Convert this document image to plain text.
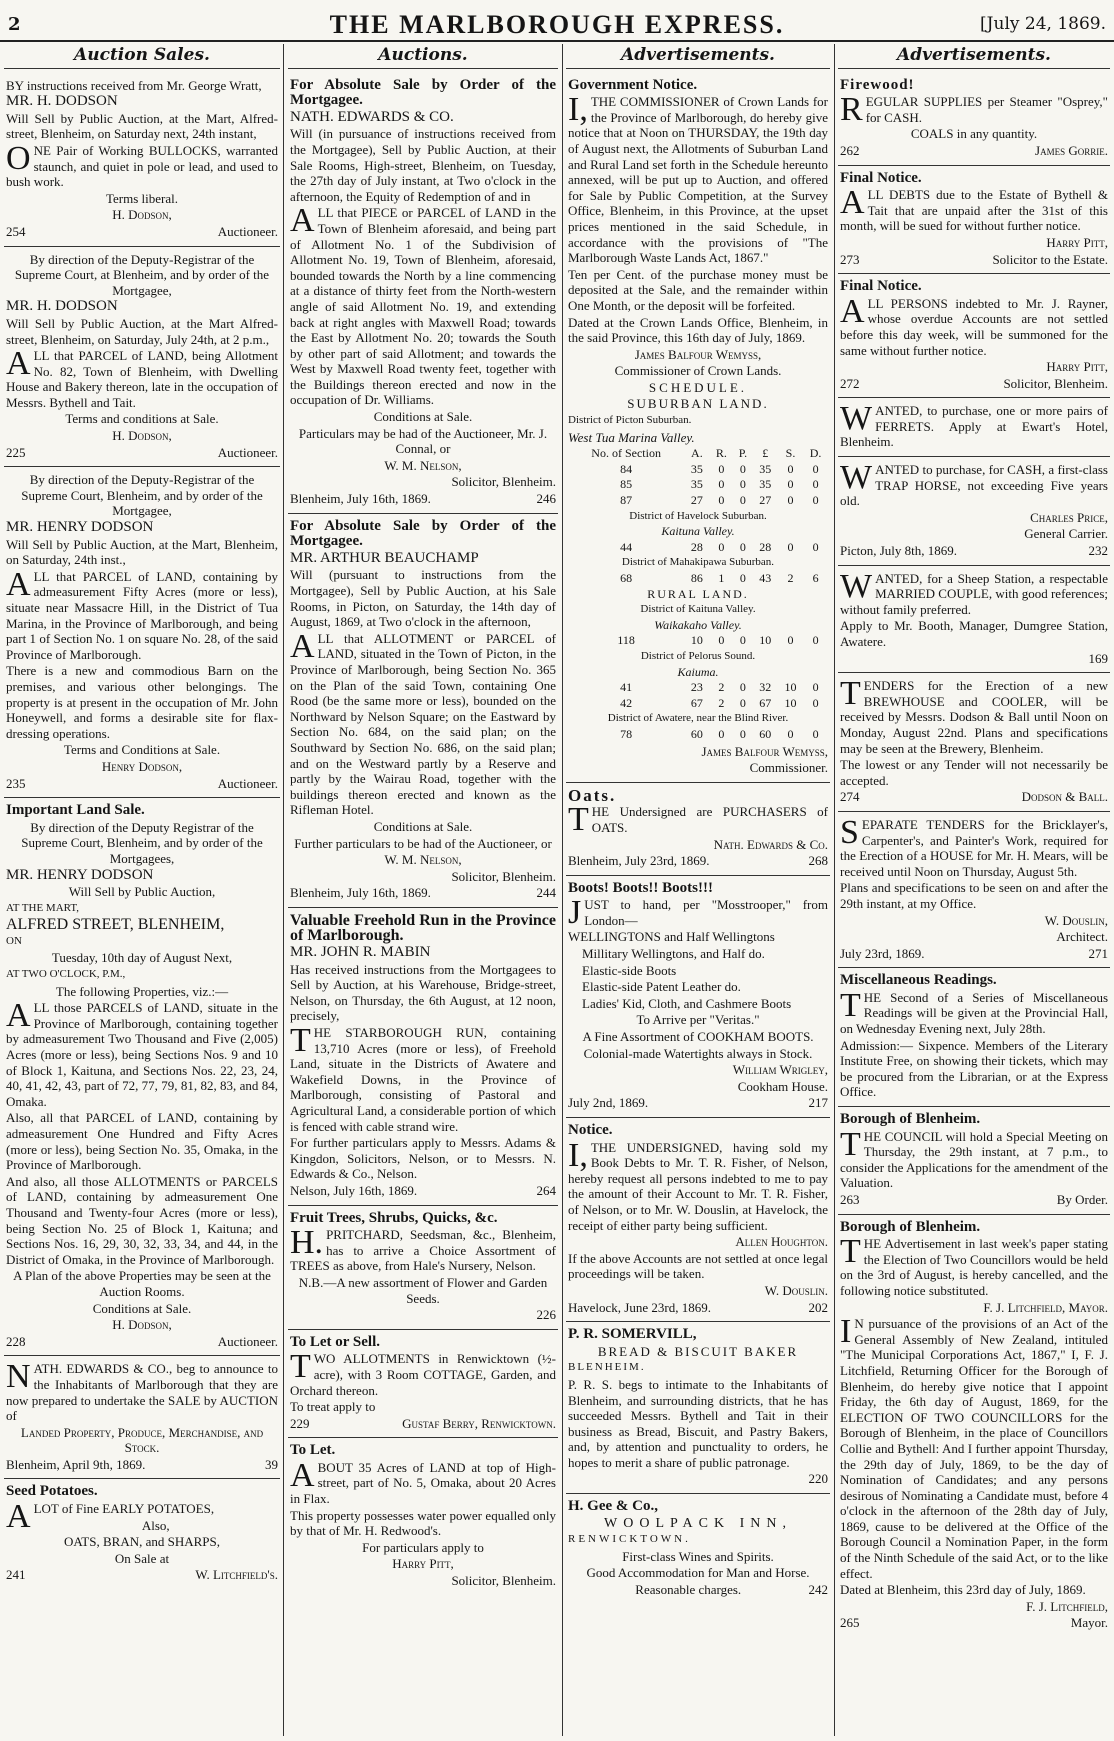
2	THE MARLBOROUGH EXPRESS.	[July 24, 1869.
Auction Sales.

BY instructions received from Mr. George Wratt,

MR. H. DODSON

Will Sell by Public Auction, at the Mart, Alfred-street, Blenheim, on Saturday next, 24th instant,

ONE Pair of Working BULLOCKS, warranted staunch, and quiet in pole or lead, and used to bush work.

Terms liberal.

H. Dodson,

254	Auctioneer.

By direction of the Deputy-Registrar of the Supreme Court, at Blenheim, and by order of the Mortgagee,

MR. H. DODSON

Will Sell by Public Auction, at the Mart Alfred-street, Blenheim, on Saturday, July 24th, at 2 p.m.,

ALL that PARCEL of LAND, being Allotment No. 82, Town of Blenheim, with Dwelling House and Bakery thereon, late in the occupation of Messrs. Bythell and Tait.

Terms and conditions at Sale.

H. Dodson,

225	Auctioneer.

By direction of the Deputy-Registrar of the Supreme Court, Blenheim, and by order of the Mortgagee,

MR. HENRY DODSON

Will Sell by Public Auction, at the Mart, Blenheim, on Saturday, 24th inst.,

ALL that PARCEL of LAND, containing by admeasurement Fifty Acres (more or less), situate near Massacre Hill, in the District of Tua Marina, in the Province of Marlborough, and being part 1 of Section No. 1 on square No. 28, of the said Province of Marlborough.

There is a new and commodious Barn on the premises, and various other belongings. The property is at present in the occupation of Mr. John Honeywell, and forms a desirable site for flax-dressing operations.

Terms and Conditions at Sale.

Henry Dodson,

235	Auctioneer.

Important Land Sale.

By direction of the Deputy Registrar of the Supreme Court, Blenheim, and by order of the Mortgagees,

MR. HENRY DODSON

Will Sell by Public Auction,

AT THE MART,

ALFRED STREET, BLENHEIM,

ON

Tuesday, 10th day of August Next,

AT TWO O'CLOCK, P.M.,

The following Properties, viz.:—

ALL those PARCELS of LAND, situate in the Province of Marlborough, containing together by admeasurement Two Thousand and Five (2,005) Acres (more or less), being Sections Nos. 9 and 10 of Block 1, Kaituna, and Sections Nos. 22, 23, 24, 40, 41, 42, 43, part of 72, 77, 79, 81, 82, 83, and 84, Omaka.

Also, all that PARCEL of LAND, containing by admeasurement One Hundred and Fifty Acres (more or less), being Section No. 35, Omaka, in the Province of Marlborough.

And also, all those ALLOTMENTS or PARCELS of LAND, containing by admeasurement One Thousand and Twenty-four Acres (more or less), being Section No. 25 of Block 1, Kaituna; and Sections Nos. 16, 29, 30, 32, 33, 34, and 44, in the District of Omaka, in the Province of Marlborough.

A Plan of the above Properties may be seen at the Auction Rooms.

Conditions at Sale.

H. Dodson,

228	Auctioneer.

NATH. EDWARDS & CO., beg to announce to the Inhabitants of Marlborough that they are now prepared to undertake the SALE by AUCTION of

Landed Property, Produce, Merchandise, and Stock.

Blenheim, April 9th, 1869.	39

Seed Potatoes.

ALOT of Fine EARLY POTATOES,

Also,

OATS, BRAN, and SHARPS,

On Sale at

241	W. Litchfield's.
Auctions.

For Absolute Sale by Order of the Mortgagee.

NATH. EDWARDS & CO.

Will (in pursuance of instructions received from the Mortgagee), Sell by Public Auction, at their Sale Rooms, High-street, Blenheim, on Tuesday, the 27th day of July instant, at Two o'clock in the afternoon, the Equity of Redemption of and in

ALL that PIECE or PARCEL of LAND in the Town of Blenheim aforesaid, and being part of Allotment No. 1 of the Subdivision of Allotment No. 19, Town of Blenheim, aforesaid, bounded towards the North by a line commencing at a distance of thirty feet from the North-western angle of said Allotment No. 19, and extending back at right angles with Maxwell Road; towards the East by Allotment No. 20; towards the South by other part of said Allotment; and towards the West by Maxwell Road twenty feet, together with the Buildings thereon erected and now in the occupation of Dr. Williams.

Conditions at Sale.

Particulars may be had of the Auctioneer, Mr. J. Connal, or

W. M. Nelson,

Solicitor, Blenheim.

Blenheim, July 16th, 1869.	246

For Absolute Sale by Order of the Mortgagee.

MR. ARTHUR BEAUCHAMP

Will (pursuant to instructions from the Mortgagee), Sell by Public Auction, at his Sale Rooms, in Picton, on Saturday, the 14th day of August, 1869, at Two o'clock in the afternoon,

ALL that ALLOTMENT or PARCEL of LAND, situated in the Town of Picton, in the Province of Marlborough, being Section No. 365 on the Plan of the said Town, containing One Rood (be the same more or less), bounded on the Northward by Nelson Square; on the Eastward by Section No. 684, on the said plan; on the Southward by Section No. 686, on the said plan; and on the Westward partly by a Reserve and partly by the Wairau Road, together with the buildings thereon erected and known as the Rifleman Hotel.

Conditions at Sale.

Further particulars to be had of the Auctioneer, or

W. M. Nelson,

Solicitor, Blenheim.

Blenheim, July 16th, 1869.	244

Valuable Freehold Run in the Province of Marlborough.

MR. JOHN R. MABIN

Has received instructions from the Mortgagees to Sell by Auction, at his Warehouse, Bridge-street, Nelson, on Thursday, the 6th August, at 12 noon, precisely,

THE STARBOROUGH RUN, containing 13,710 Acres (more or less), of Freehold Land, situate in the Districts of Awatere and Wakefield Downs, in the Province of Marlborough, consisting of Pastoral and Agricultural Land, a considerable portion of which is fenced with cable strand wire.

For further particulars apply to Messrs. Adams & Kingdon, Solicitors, Nelson, or to Messrs. N. Edwards & Co., Nelson.

Nelson, July 16th, 1869.	264

Fruit Trees, Shrubs, Quicks, &c.

H.PRITCHARD, Seedsman, &c., Blenheim, has to arrive a Choice Assortment of TREES as above, from Hale's Nursery, Nelson.

N.B.—A new assortment of Flower and Garden Seeds.

226

To Let or Sell.

TWO ALLOTMENTS in Renwicktown (½-acre), with 3 Room COTTAGE, Garden, and Orchard thereon.

To treat apply to

229	Gustaf Berry, Renwicktown.

To Let.

ABOUT 35 Acres of LAND at top of High-street, part of No. 5, Omaka, about 20 Acres in Flax.

This property possesses water power equalled only by that of Mr. H. Redwood's.

For particulars apply to

Harry Pitt,

Solicitor, Blenheim.

Advertisements.

Government Notice.

I,THE COMMISSIONER of Crown Lands for the Province of Marlborough, do hereby give notice that at Noon on THURSDAY, the 19th day of August next, the Allotments of Suburban Land and Rural Land set forth in the Schedule hereunto annexed, will be put up to Auction, and offered for Sale by Public Competition, at the Survey Office, Blenheim, in this Province, at the upset prices mentioned in the said Schedule, in accordance with the provisions of "The Marlborough Waste Lands Act, 1867."

Ten per Cent. of the purchase money must be deposited at the Sale, and the remainder within One Month, or the deposit will be forfeited.

Dated at the Crown Lands Office, Blenheim, in the said Province, this 16th day of July, 1869.

James Balfour Wemyss,

Commissioner of Crown Lands.

SCHEDULE.

SUBURBAN LAND.

District of Picton Suburban.

West Tua Marina Valley.

No. of Section	A.	R.	P.	£	S.	D.
84	35	0	0	35	0	0
85	35	0	0	35	0	0
87	27	0	0	27	0	0
District of Havelock Suburban.						
Kaituna Valley.						
44	28	0	0	28	0	0
District of Mahakipawa Suburban.						
68	86	1	0	43	2	6
RURAL LAND.						
District of Kaituna Valley.						
Waikakaho Valley.						
118	10	0	0	10	0	0
District of Pelorus Sound.						
Kaiuma.						
41	23	2	0	32	10	0
42	67	2	0	67	10	0
District of Awatere, near the Blind River.						
78	60	0	0	60	0	0

James Balfour Wemyss,

Commissioner.

Oats.

THE Undersigned are PURCHASERS of OATS.

Nath. Edwards & Co.

Blenheim, July 23rd, 1869.	268

Boots! Boots!! Boots!!!

JUST to hand, per "Mosstrooper," from London—

WELLINGTONS and Half Wellingtons

Millitary Wellingtons, and Half do.

Elastic-side Boots

Elastic-side Patent Leather do.

Ladies' Kid, Cloth, and Cashmere Boots

To Arrive per "Veritas."

A Fine Assortment of COOKHAM BOOTS.

Colonial-made Watertights always in Stock.

William Wrigley,

Cookham House.

July 2nd, 1869.	217

Notice.

I,THE UNDERSIGNED, having sold my Book Debts to Mr. T. R. Fisher, of Nelson, hereby request all persons indebted to me to pay the amount of their Account to Mr. T. R. Fisher, of Nelson, or to Mr. W. Douslin, at Havelock, the receipt of either party being sufficient.

Allen Houghton.

If the above Accounts are not settled at once legal proceedings will be taken.

W. Douslin.

Havelock, June 23rd, 1869.	202

P. R. SOMERVILL,

BREAD & BISCUIT BAKER

BLENHEIM.

P. R. S. begs to intimate to the Inhabitants of Blenheim, and surrounding districts, that he has succeeded Messrs. Bythell and Tait in their business as Bread, Biscuit, and Pastry Bakers, and, by attention and punctuality to orders, he hopes to merit a share of public patronage.

220

H. Gee & Co.,

WOOLPACK INN,

RENWICKTOWN.

First-class Wines and Spirits.

Good Accommodation for Man and Horse.

Reasonable charges.	242
Advertisements.

Firewood!

REGULAR SUPPLIES per Steamer "Osprey," for CASH.

COALS in any quantity.

262	James Gorrie.

Final Notice.

ALL DEBTS due to the Estate of Bythell & Tait that are unpaid after the 31st of this month, will be sued for without further notice.

Harry Pitt,

273	Solicitor to the Estate.

Final Notice.

ALL PERSONS indebted to Mr. J. Rayner, whose overdue Accounts are not settled before this day week, will be summoned for the same without further notice.

Harry Pitt,

272	Solicitor, Blenheim.

WANTED, to purchase, one or more pairs of FERRETS. Apply at Ewart's Hotel, Blenheim.

WANTED to purchase, for CASH, a first-class TRAP HORSE, not exceeding Five years old.

Charles Price,

General Carrier.

Picton, July 8th, 1869.	232

WANTED, for a Sheep Station, a respectable MARRIED COUPLE, with good references; without family preferred.

Apply to Mr. Booth, Manager, Dumgree Station, Awatere.

169

TENDERS for the Erection of a new BREWHOUSE and COOLER, will be received by Messrs. Dodson & Ball until Noon on Monday, August 22nd. Plans and specifications may be seen at the Brewery, Blenheim.

The lowest or any Tender will not necessarily be accepted.

274	Dodson & Ball.

SEPARATE TENDERS for the Bricklayer's, Carpenter's, and Painter's Work, required for the Erection of a HOUSE for Mr. H. Mears, will be received until Noon on Thursday, August 5th.

Plans and specifications to be seen on and after the 29th instant, at my Office.

W. Douslin,

Architect.

July 23rd, 1869.	271

Miscellaneous Readings.

THE Second of a Series of Miscellaneous Readings will be given at the Provincial Hall, on Wednesday Evening next, July 28th.

Admission:— Sixpence. Members of the Literary Institute Free, on showing their tickets, which may be procured from the Librarian, or at the Express Office.

Borough of Blenheim.

THE COUNCIL will hold a Special Meeting on Thursday, the 29th instant, at 7 p.m., to consider the Applications for the amendment of the Valuation.

263	By Order.

Borough of Blenheim.

THE Advertisement in last week's paper stating the Election of Two Councillors would be held on the 3rd of August, is hereby cancelled, and the following notice substituted.

F. J. Litchfield, Mayor.

IN pursuance of the provisions of an Act of the General Assembly of New Zealand, intituled "The Municipal Corporations Act, 1867," I, F. J. Litchfield, Returning Officer for the Borough of Blenheim, do hereby give notice that I appoint Friday, the 6th day of August, 1869, for the ELECTION OF TWO COUNCILLORS for the Borough of Blenheim, in the place of Councillors Collie and Bythell: And I further appoint Thursday, the 29th day of July, 1869, to be the day of Nomination of Candidates; and any persons desirous of Nominating a Candidate must, before 4 o'clock in the afternoon of the 28th day of July, 1869, cause to be delivered at the Office of the Borough Council a Nomination Paper, in the form of the Ninth Schedule of the said Act, or to the like effect.

Dated at Blenheim, this 23rd day of July, 1869.

F. J. Litchfield,

265	Mayor.
